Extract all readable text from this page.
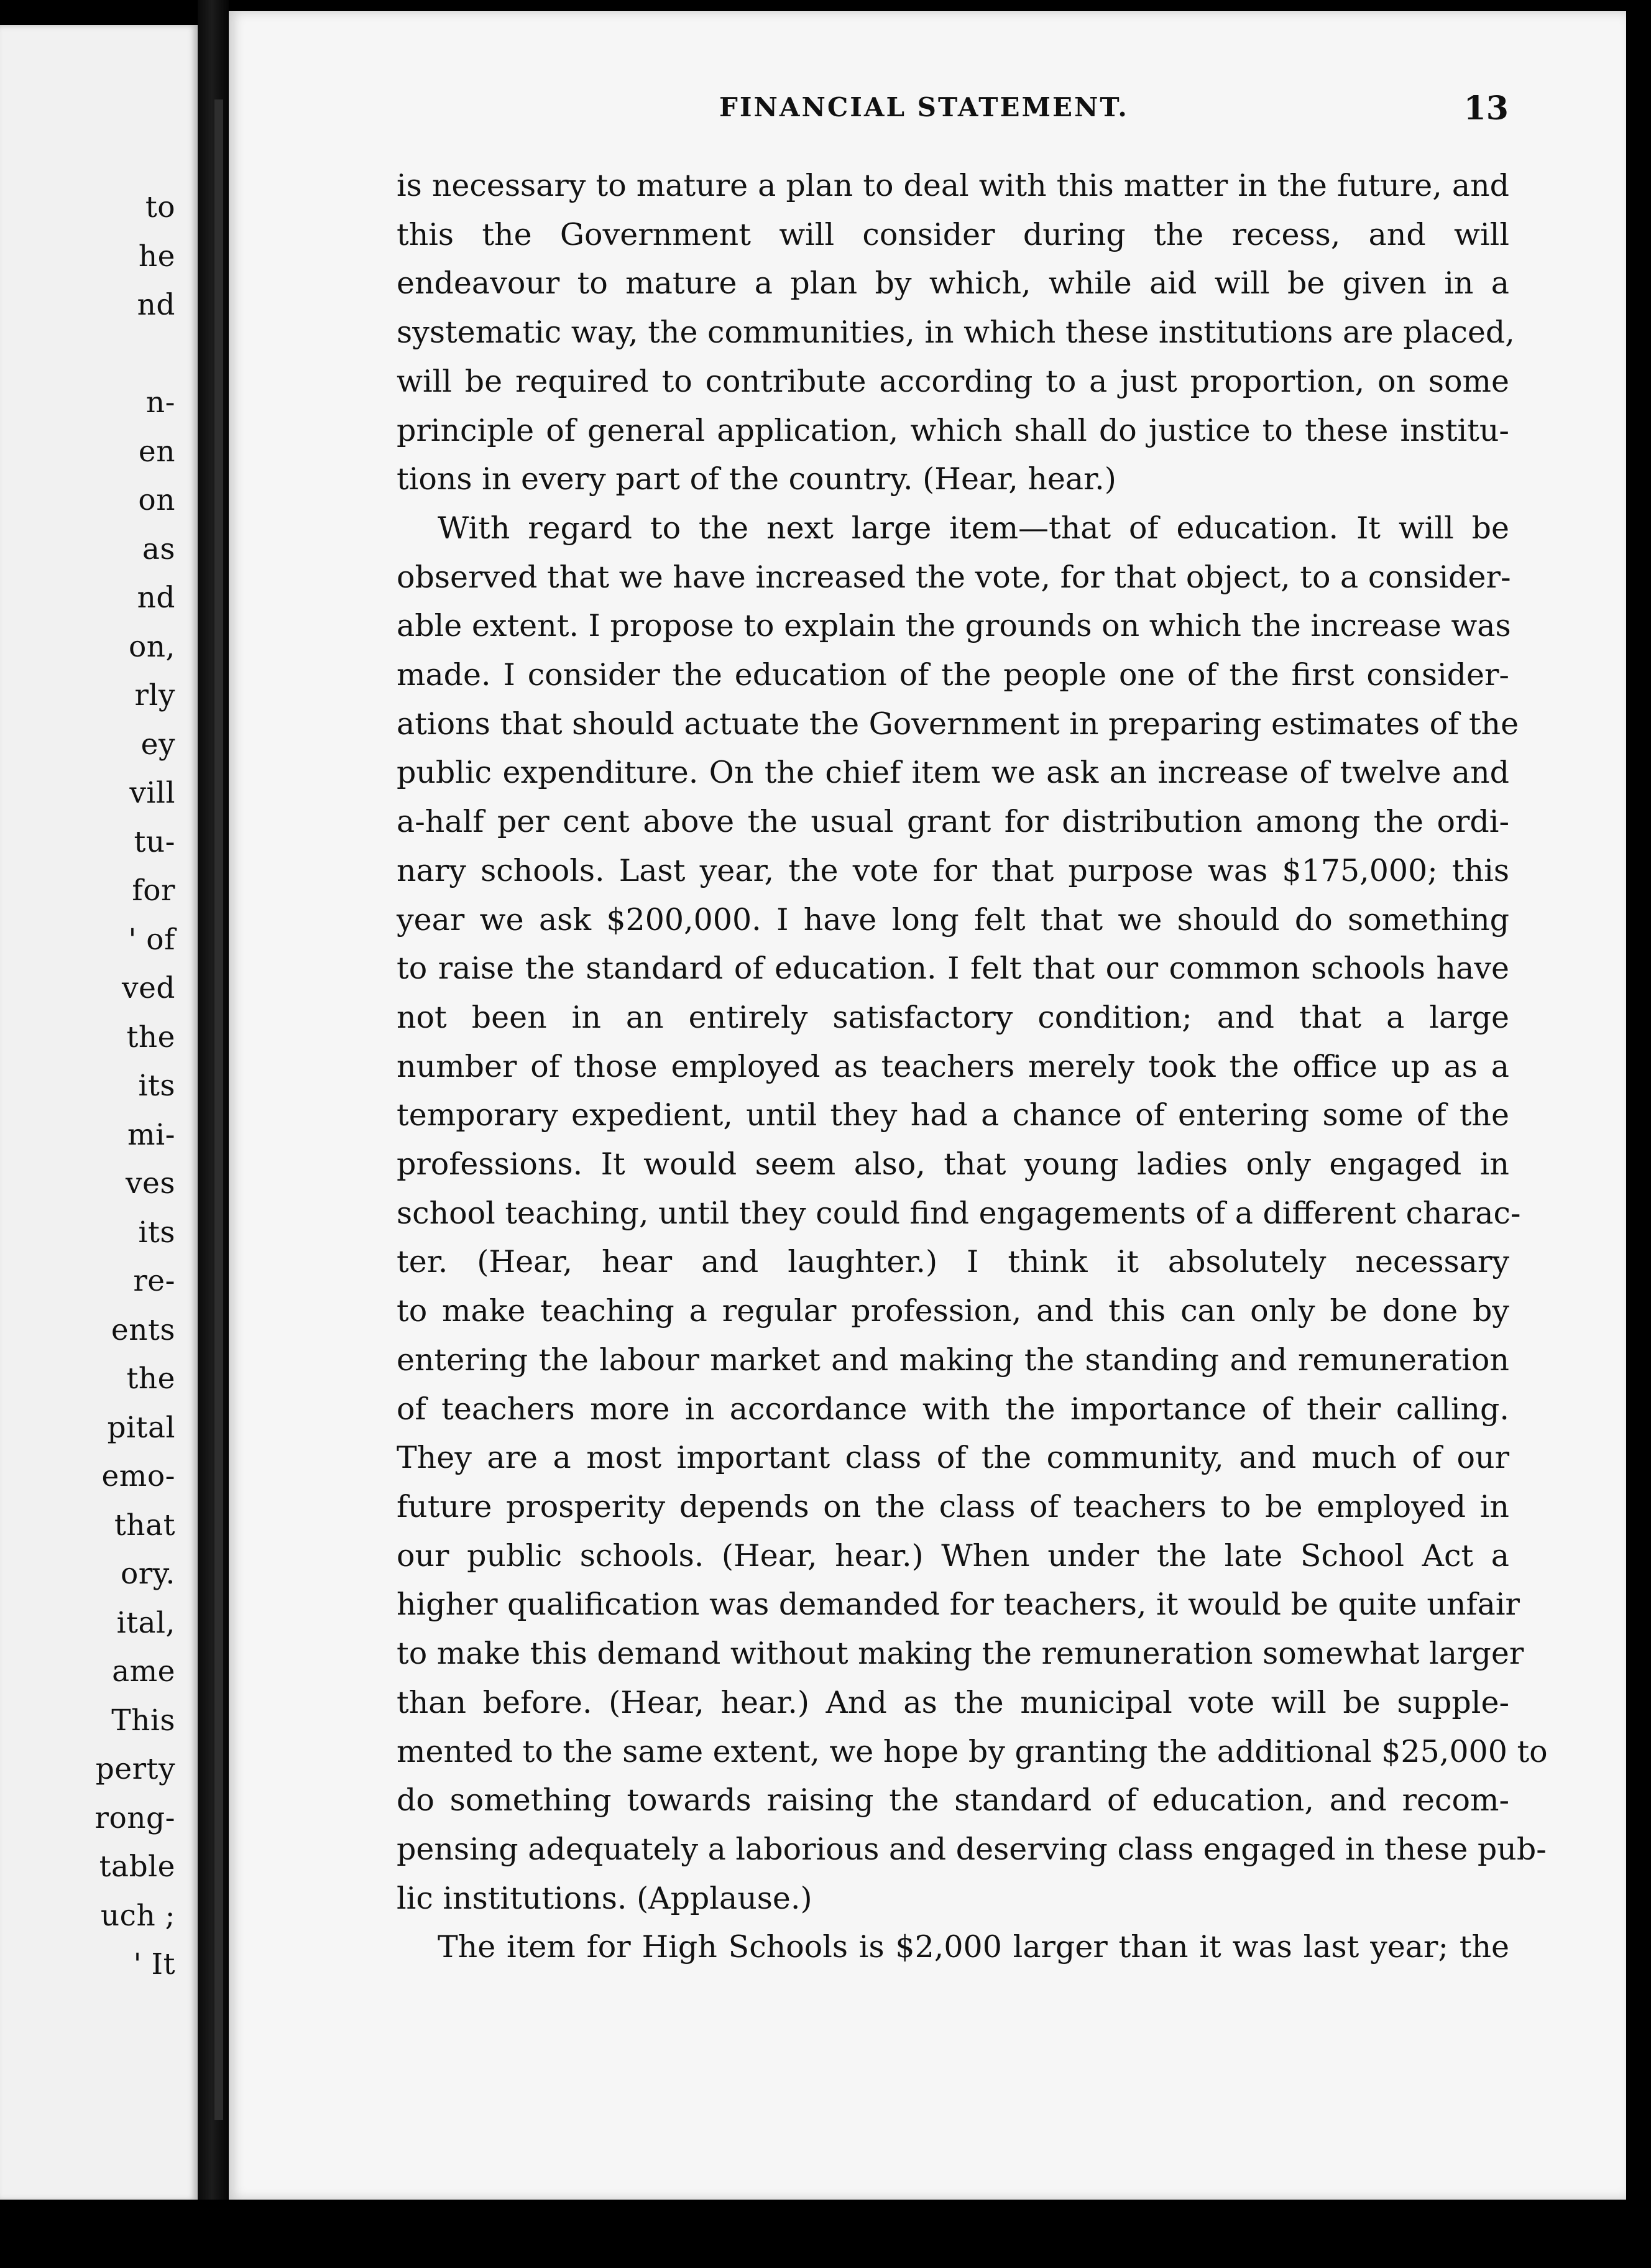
to
he
nd
n-
en
on
as
nd
on,
rly
ey
vill
tu-
for
' of
ved
the
its
mi-
ves
its
re-
ents
the
pital
emo-
that
ory.
ital,
ame
This
perty
rong-
table
uch ;
' It
FINANCIAL STATEMENT.	13

is necessary to mature a plan to deal with this matter in the future, and
this the Government will consider during the recess, and will
endeavour to mature a plan by which, while aid will be given in a
systematic way, the communities, in which these institutions are placed,
will be required to contribute according to a just proportion, on some
principle of general application, which shall do justice to these institu-
tions in every part of the country. (Hear, hear.)

With regard to the next large item—that of education. It will be
observed that we have increased the vote, for that object, to a consider-
able extent. I propose to explain the grounds on which the increase was
made. I consider the education of the people one of the first consider-
ations that should actuate the Government in preparing estimates of the
public expenditure. On the chief item we ask an increase of twelve and
a-half per cent above the usual grant for distribution among the ordi-
nary schools. Last year, the vote for that purpose was $175,000; this
year we ask $200,000. I have long felt that we should do something
to raise the standard of education. I felt that our common schools have
not been in an entirely satisfactory condition; and that a large
number of those employed as teachers merely took the office up as a
temporary expedient, until they had a chance of entering some of the
professions. It would seem also, that young ladies only engaged in
school teaching, until they could find engagements of a different charac-
ter. (Hear, hear and laughter.) I think it absolutely necessary
to make teaching a regular profession, and this can only be done by
entering the labour market and making the standing and remuneration
of teachers more in accordance with the importance of their calling.
They are a most important class of the community, and much of our
future prosperity depends on the class of teachers to be employed in
our public schools. (Hear, hear.) When under the late School Act a
higher qualification was demanded for teachers, it would be quite unfair
to make this demand without making the remuneration somewhat larger
than before. (Hear, hear.) And as the municipal vote will be supple-
mented to the same extent, we hope by granting the additional $25,000 to
do something towards raising the standard of education, and recom-
pensing adequately a laborious and deserving class engaged in these pub-
lic institutions. (Applause.)

The item for High Schools is $2,000 larger than it was last year; the
